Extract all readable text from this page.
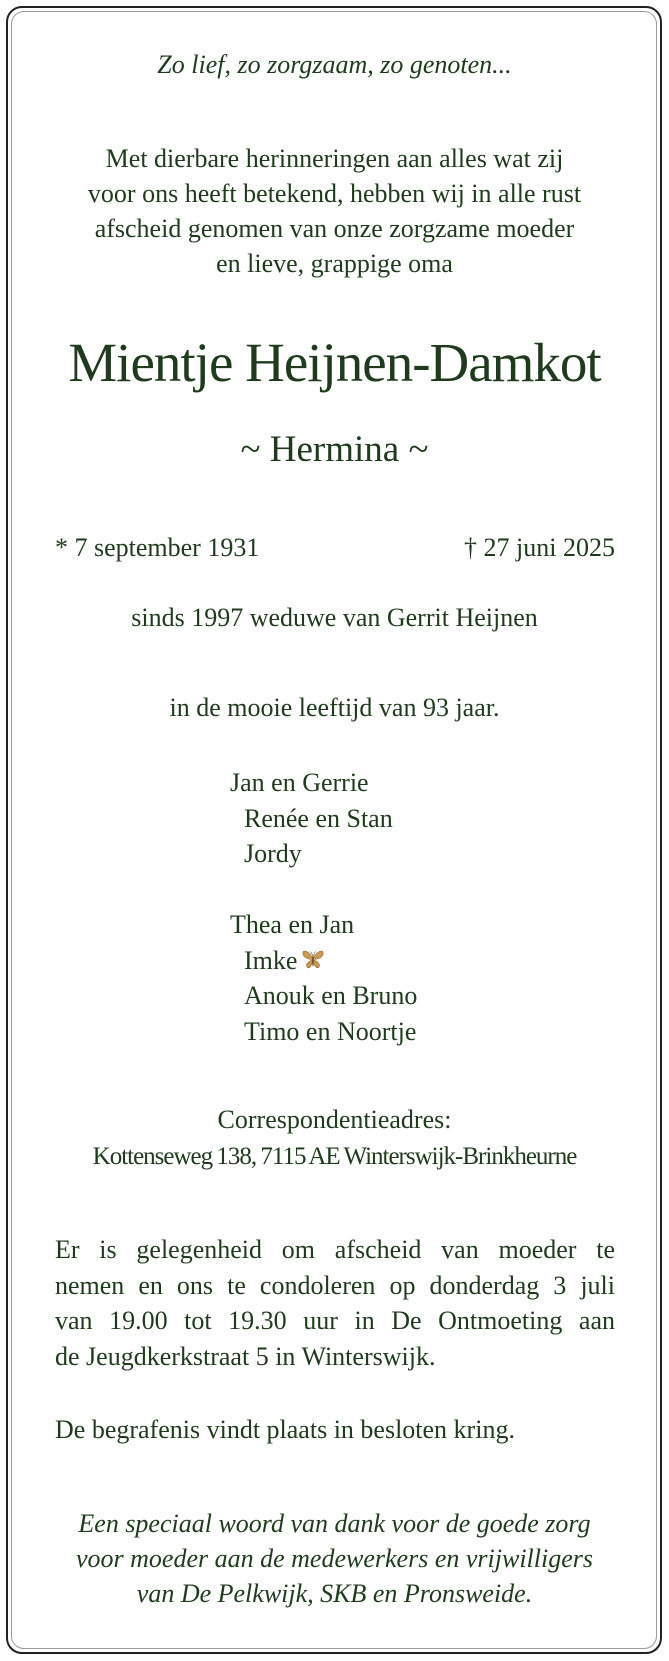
Zo lief, zo zorgzaam, zo genoten...
Met dierbare herinneringen aan alles wat zij
voor ons heeft betekend, hebben wij in alle rust
afscheid genomen van onze zorgzame moeder
en lieve, grappige oma
Mientje Heijnen-Damkot
~ Hermina ~
* 7 september 1931	† 27 juni 2025
sinds 1997 weduwe van Gerrit Heijnen
in de mooie leeftijd van 93 jaar.
Jan en Gerrie
Renée en Stan
Jordy
Thea en Jan
Imke
Anouk en Bruno
Timo en Noortje
Correspondentieadres:
Kottenseweg 138, 7115 AE Winterswijk-Brinkheurne
Er is gelegenheid om afscheid van moeder te
nemen en ons te condoleren op donderdag 3 juli
van 19.00 tot 19.30 uur in De Ontmoeting aan
de Jeugdkerkstraat 5 in Winterswijk.
De begrafenis vindt plaats in besloten kring.
Een speciaal woord van dank voor de goede zorg
voor moeder aan de medewerkers en vrijwilligers
van De Pelkwijk, SKB en Pronsweide.
